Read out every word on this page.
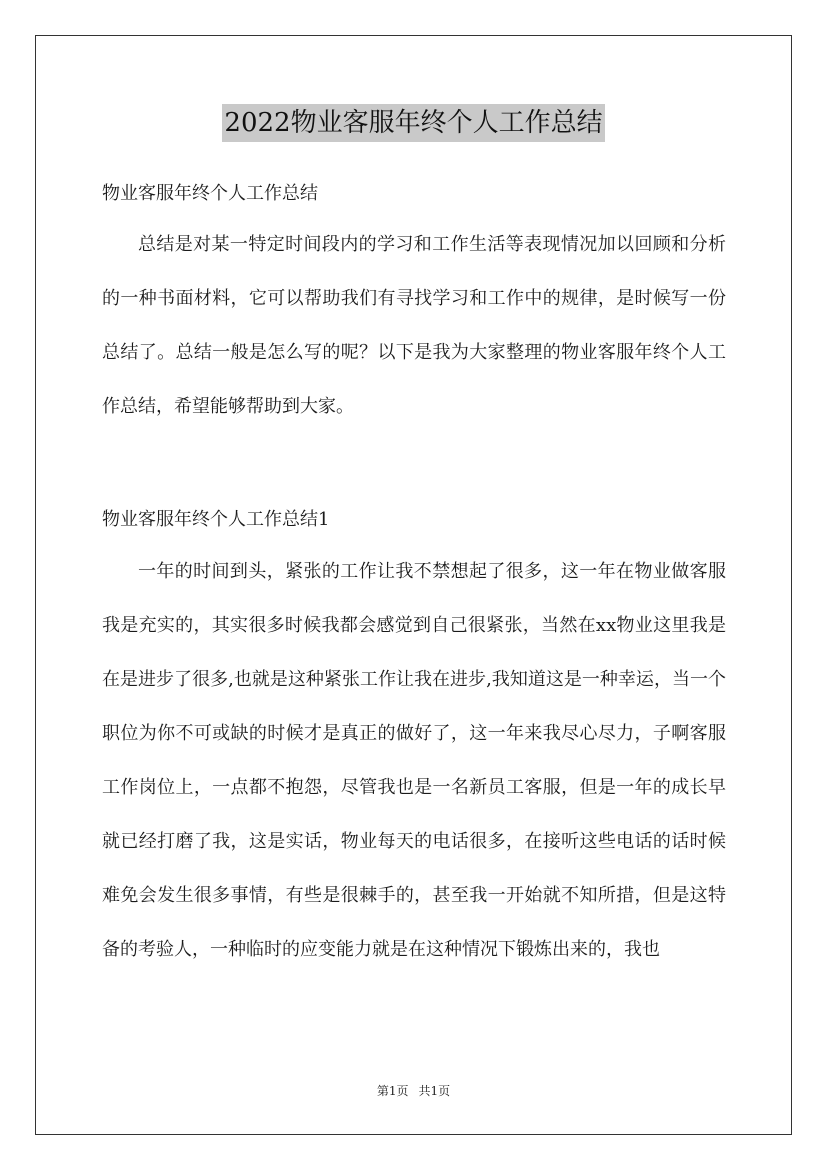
2022物业客服年终个人工作总结
物业客服年终个人工作总结

总结是对某一特定时间段内的学习和工作生活等表现情况加以回顾和分析的一种书面材料，它可以帮助我们有寻找学习和工作中的规律，是时候写一份总结了。总结一般是怎么写的呢？以下是我为大家整理的物业客服年终个人工作总结，希望能够帮助到大家。

物业客服年终个人工作总结1

一年的时间到头，紧张的工作让我不禁想起了很多，这一年在物业做客服我是充实的，其实很多时候我都会感觉到自己很紧张，当然在xx物业这里我是在是进步了很多,也就是这种紧张工作让我在进步,我知道这是一种幸运，当一个职位为你不可或缺的时候才是真正的做好了，这一年来我尽心尽力，子啊客服工作岗位上，一点都不抱怨，尽管我也是一名新员工客服，但是一年的成长早就已经打磨了我，这是实话，物业每天的电话很多，在接听这些电话的话时候难免会发生很多事情，有些是很棘手的，甚至我一开始就不知所措，但是这特备的考验人，一种临时的应变能力就是在这种情况下锻炼出来的，我也

第1页 共1页
